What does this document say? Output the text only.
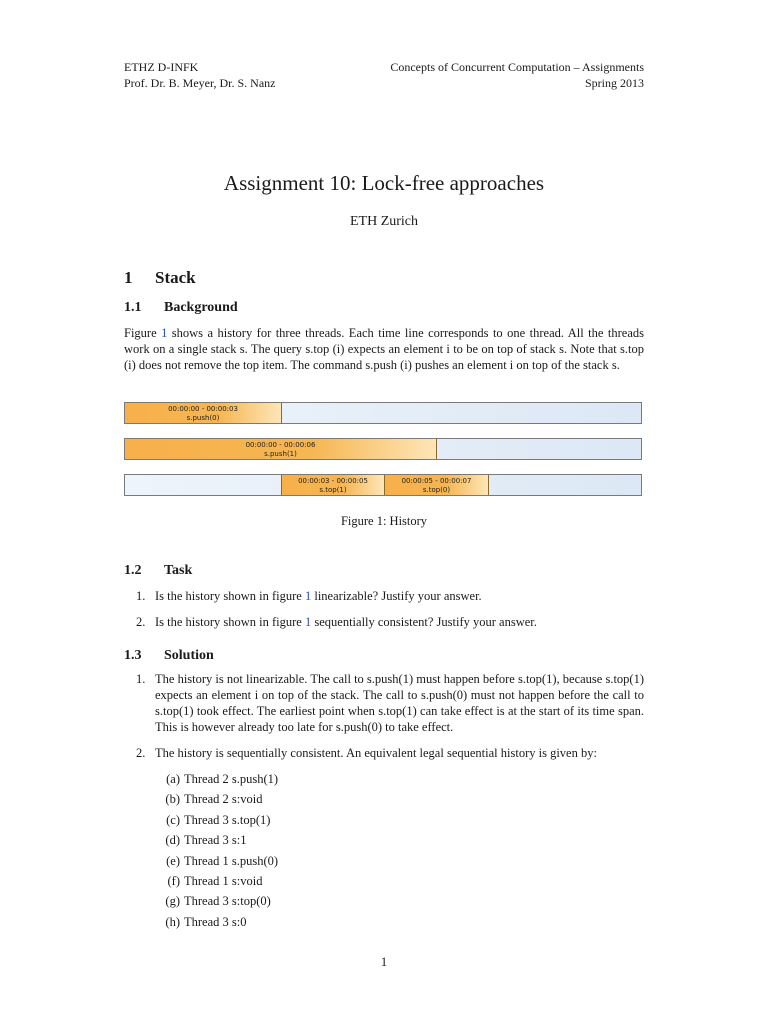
ETHZ D-INFK
Prof. Dr. B. Meyer, Dr. S. Nanz
Concepts of Concurrent Computation – Assignments
Spring 2013
Assignment 10: Lock-free approaches
ETH Zurich
1 Stack
1.1 Background
Figure 1 shows a history for three threads. Each time line corresponds to one thread. All the threads work on a single stack s. The query s.top (i) expects an element i to be on top of stack s. Note that s.top (i) does not remove the top item. The command s.push (i) pushes an element i on top of the stack s.
00:00:00 - 00:00:03
s.push(0)
00:00:00 - 00:00:06
s.push(1)
00:00:03 - 00:00:05
s.top(1)
00:00:05 - 00:00:07
s.top(0)
Figure 1: History
1.2 Task
1. Is the history shown in figure 1 linearizable? Justify your answer.
2. Is the history shown in figure 1 sequentially consistent? Justify your answer.
1.3 Solution
1. The history is not linearizable. The call to s.push(1) must happen before s.top(1), because s.top(1) expects an element i on top of the stack. The call to s.push(0) must not happen before the call to s.top(1) took effect. The earliest point when s.top(1) can take effect is at the start of its time span. This is however already too late for s.push(0) to take effect.
2. The history is sequentially consistent. An equivalent legal sequential history is given by:
(a) Thread 2 s.push(1)
(b) Thread 2 s:void
(c) Thread 3 s.top(1)
(d) Thread 3 s:1
(e) Thread 1 s.push(0)
(f) Thread 1 s:void
(g) Thread 3 s:top(0)
(h) Thread 3 s:0
1
